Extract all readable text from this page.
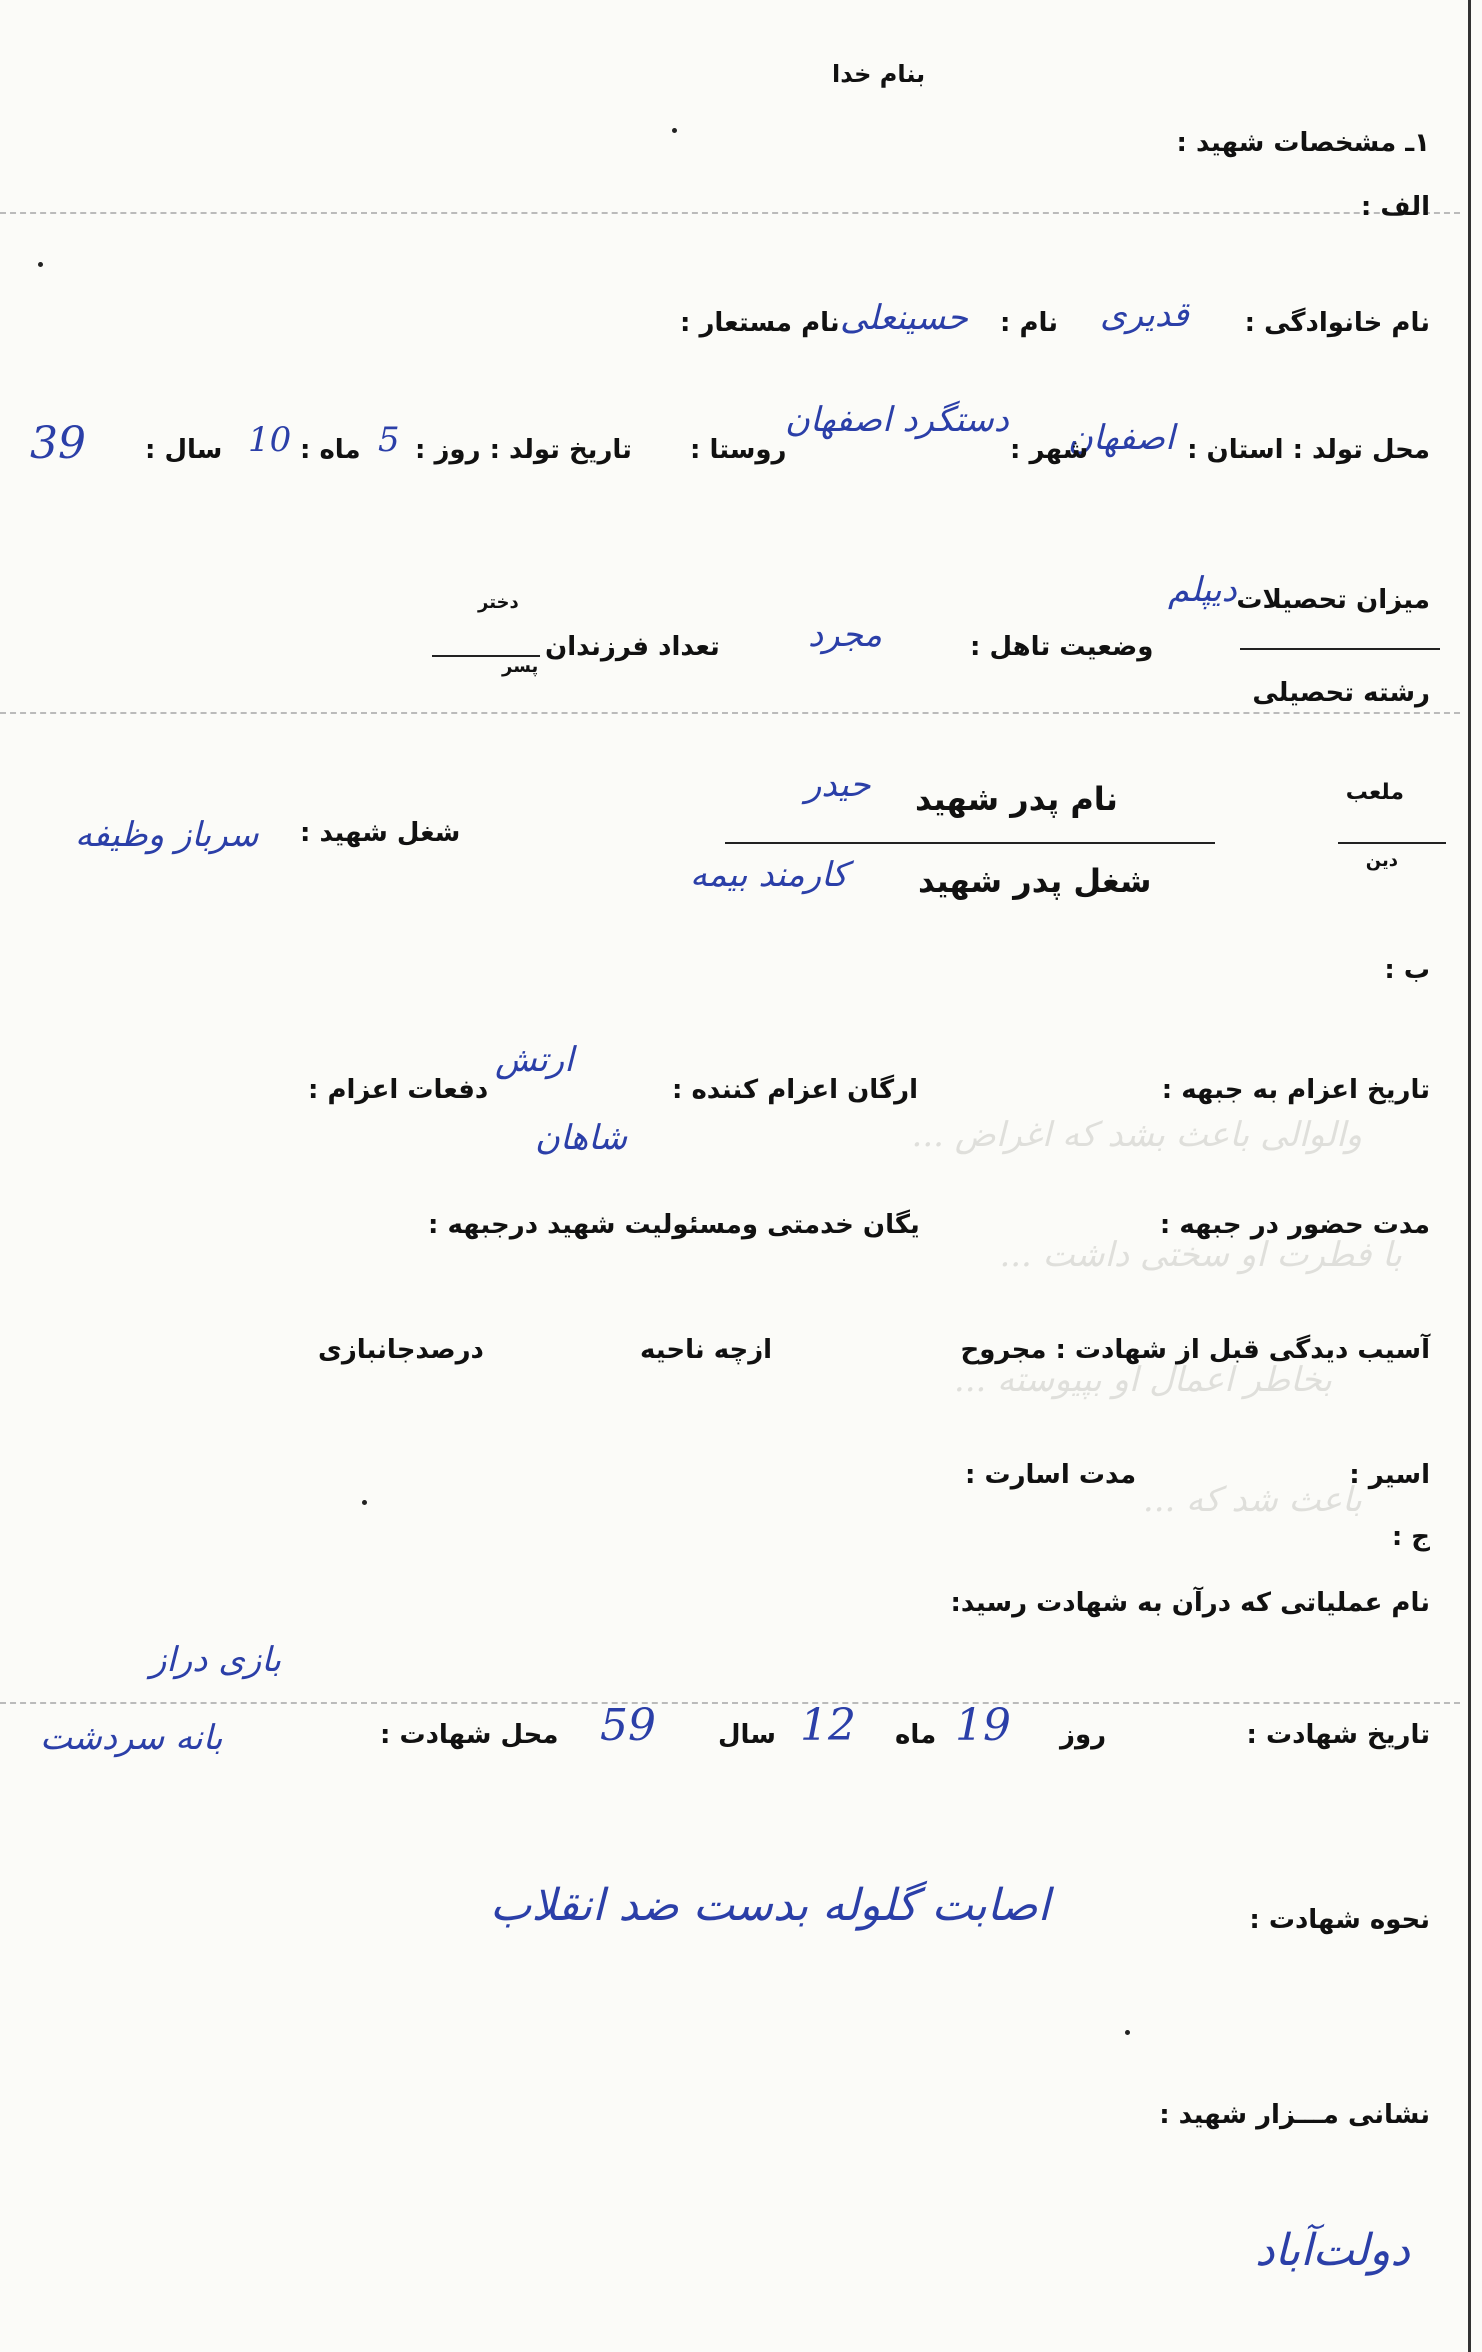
والوالی باعث بشد که اغراض ...
با فطرت او سختی داشت ...
بخاطر اعمال او بپیوسته ...
باعث شد که ...
بنام خدا
۱ـ مشخصات شهید :
الف :
نام خانوادگی :
قدیری
نام :
حسینعلی
نام مستعار :
محل تولد : استان :
اصفهان
شهر :
دستگرد اصفهان
روستا :
تاریخ تولد : روز :
5
ماه :
10
سال :
39
میزان تحصیلات
دیپلم
رشته تحصیلی
وضعیت تاهل :
مجرد
تعداد فرزندان
دختر
پسر
ملعب
دین
نام پدر شهید
حیدر
شغل پدر شهید
کارمند بیمه
شغل شهید :
سرباز وظیفه
ب :
تاریخ اعزام به جبهه :
ارگان اعزام کننده :
ارتش
شاهان
دفعات اعزام :
مدت حضور در جبهه :
یگان خدمتی ومسئولیت شهید درجبهه :
آسیب دیدگی قبل از شهادت : مجروح
ازچه ناحیه
درصدجانبازی
اسیر :
مدت اسارت :
ج :
نام عملیاتی که درآن به شهادت رسید:
بازی دراز
تاریخ شهادت :
روز
19
ماه
12
سال
59
محل شهادت :
بانه سردشت
نحوه شهادت :
اصابت گلوله بدست ضد انقلاب
نشانی مـــزار شهید :
دولت‌آباد
